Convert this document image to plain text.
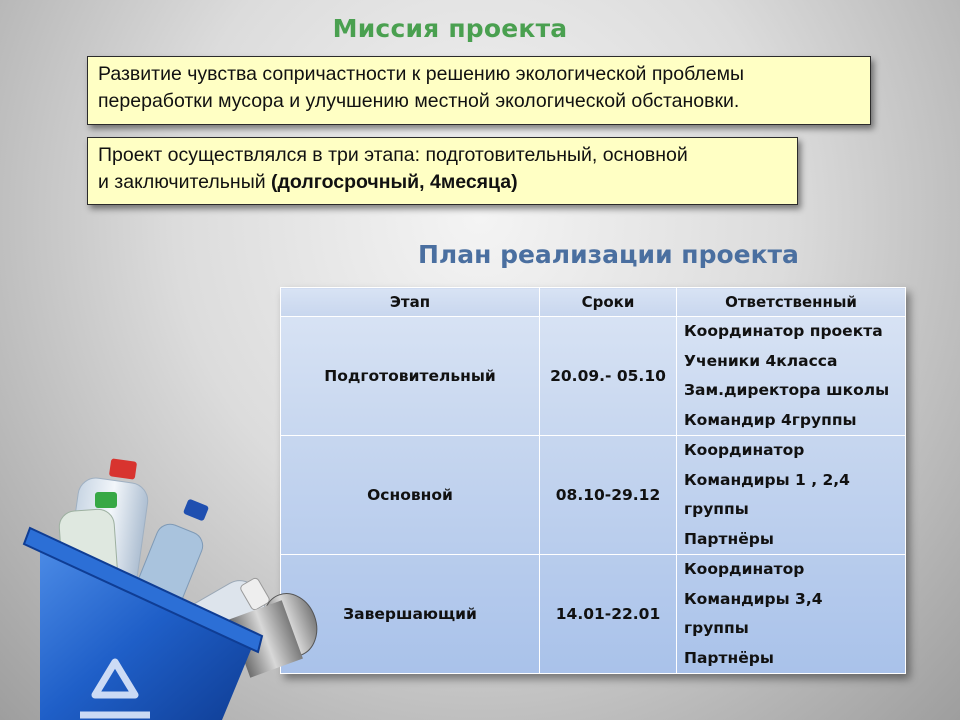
Миссия проекта
Развитие чувства сопричастности к решению экологической проблемы
переработки мусора и улучшению местной экологической обстановки.
Проект осуществлялся в три этапа: подготовительный, основной
и заключительный (долгосрочный, 4месяца)
План реализации проекта
Этап	Сроки	Ответственный
Подготовительный	20.09.- 05.10	Координатор проекта
Ученики 4класса
Зам.директора школы
Командир 4группы

Основной	08.10-29.12	Координатор
Командиры 1 , 2,4
группы
Партнёры

Завершающий	14.01-22.01	Координатор
Командиры 3,4
группы
Партнёры
